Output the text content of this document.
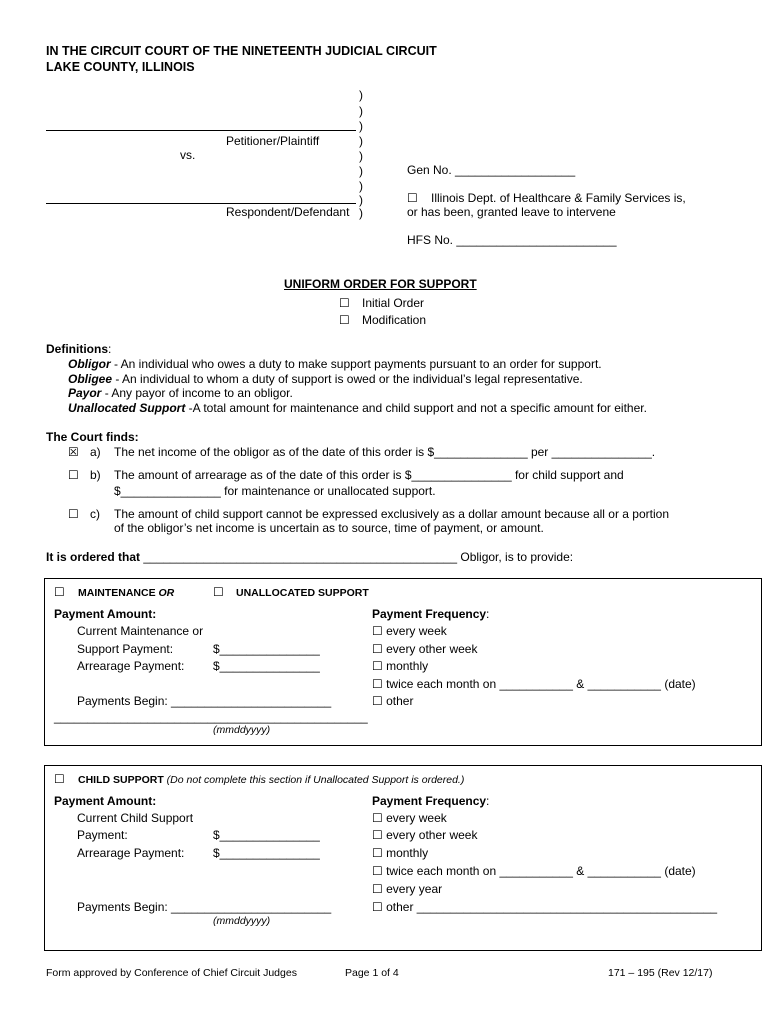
IN THE CIRCUIT COURT OF THE NINETEENTH JUDICIAL CIRCUIT
LAKE COUNTY, ILLINOIS
Petitioner/Plaintiff
vs.
Respondent/Defendant
)
)
)
)
)
)
)
)
)
Gen No. __________________
☐ Illinois Dept. of Healthcare & Family Services is,
or has been, granted leave to intervene
HFS No. ________________________
UNIFORM ORDER FOR SUPPORT
☐ Initial Order
☐ Modification
Definitions:
Obligor - An individual who owes a duty to make support payments pursuant to an order for support.
Obligee - An individual to whom a duty of support is owed or the individual’s legal representative.
Payor - Any payor of income to an obligor.
Unallocated Support -A total amount for maintenance and child support and not a specific amount for either.
The Court finds:
☒ a) The net income of the obligor as of the date of this order is $______________ per _______________.
☐ b) The amount of arrearage as of the date of this order is $_______________ for child support and
$_______________ for maintenance or unallocated support.
☐ c) The amount of child support cannot be expressed exclusively as a dollar amount because all or a portion
of the obligor’s net income is uncertain as to source, time of payment, or amount.
It is ordered that _______________________________________________ Obligor, is to provide:
☐ MAINTENANCE OR	☐ UNALLOCATED SUPPORT
Payment Amount:
Current Maintenance or
Support Payment:	$_______________
Arrearage Payment: $_______________
Payments Begin: ________________________
_______________________________________________
(mmddyyyy)
Payment Frequency:
☐ every week
☐ every other week
☐ monthly
☐ twice each month on ___________ & ___________ (date)
☐ other
☐ CHILD SUPPORT (Do not complete this section if Unallocated Support is ordered.)
Payment Amount:
Current Child Support
Payment:	$_______________
Arrearage Payment: $_______________
Payments Begin: ________________________
(mmddyyyy)
Payment Frequency:
☐ every week
☐ every other week
☐ monthly
☐ twice each month on ___________ & ___________ (date)
☐ every year
☐ other _____________________________________________
Form approved by Conference of Chief Circuit Judges	Page 1 of 4	171 – 195 (Rev 12/17)
